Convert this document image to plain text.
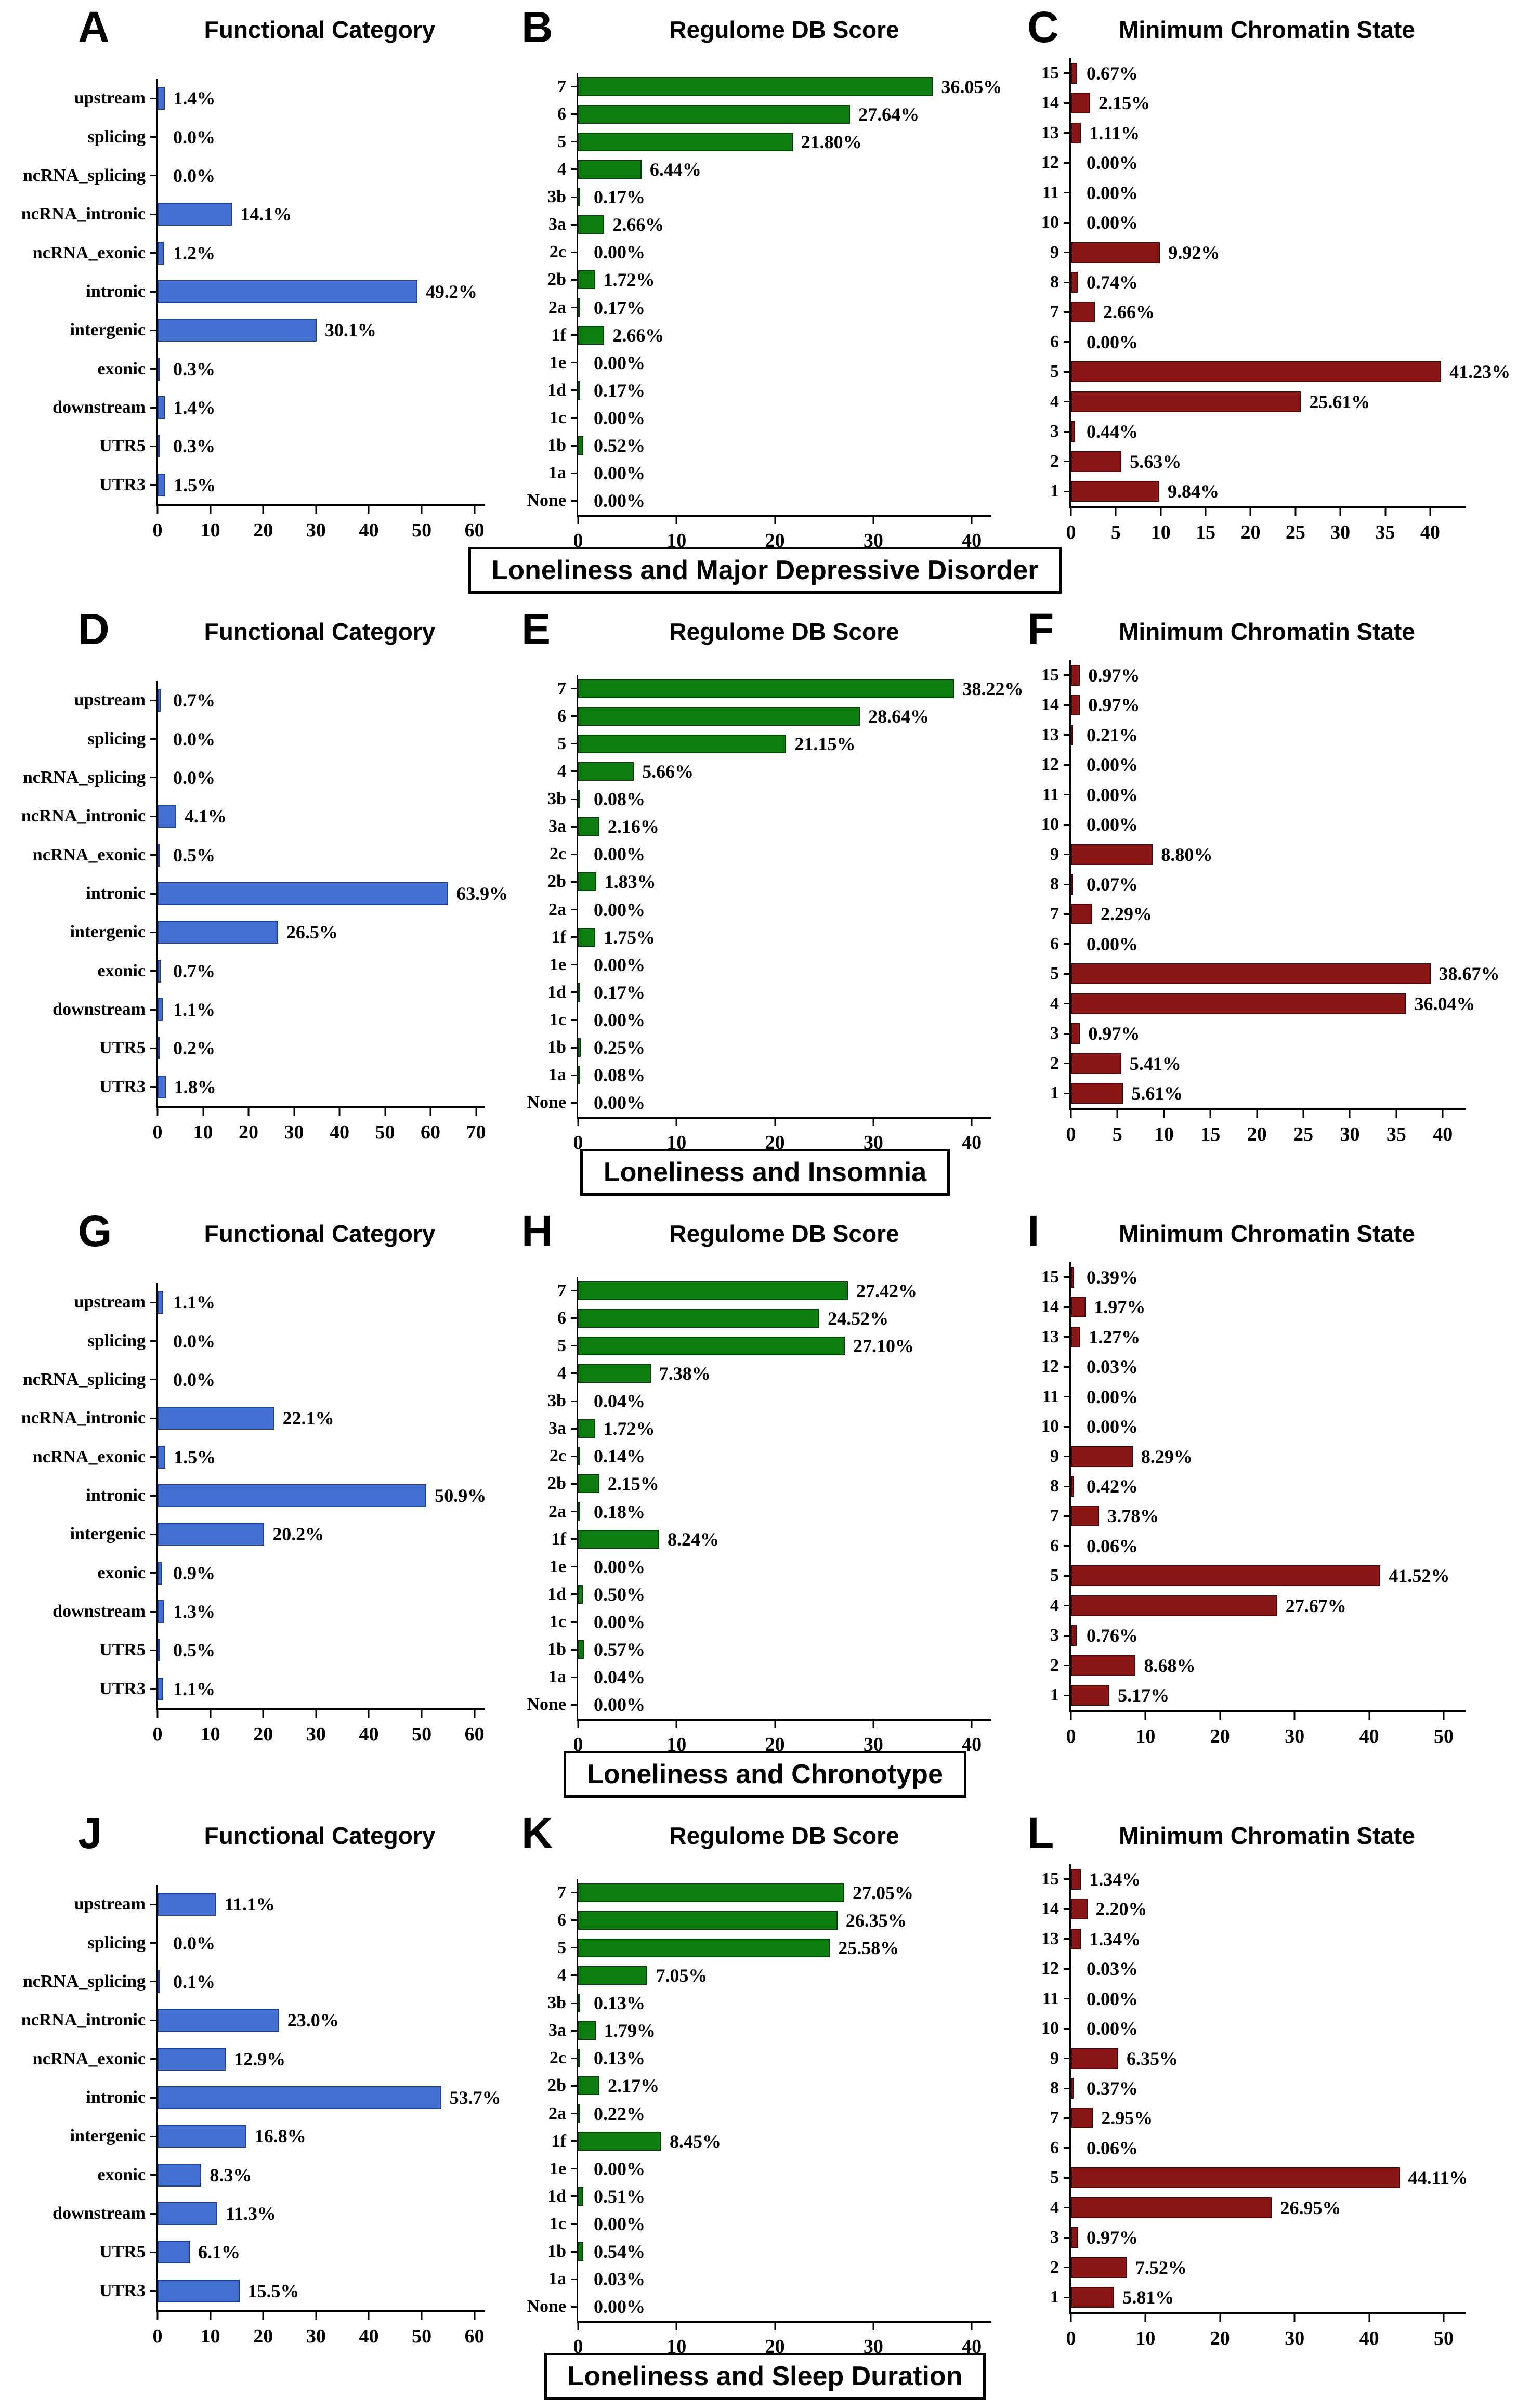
A	Functional Category
1.4%
0.0%
0.0%
14.1%
1.2%
49.2%
30.1%
0.3%
1.4%
0.3%
1.5%
0 10 20 30 40 50 60
upstream
splicing
ncRNA_splicing
ncRNA_intronic
ncRNA_exonic
intronic
intergenic
exonic
downstream
UTR5
UTR3
B	Regulome DB Score
36.05%
27.64%
21.80%
6.44%
0.17%
2.66%
0.00%
1.72%
0.17%
2.66%
0.00%
0.17%
0.00%
0.52%
0.00%
0.00%
0	10	20	30	40
7
6
5
4
3b
3a
2c
2b
2a
1f
1e
1d
1c
1b
1a
None
C	Minimum Chromatin State
0.67%
2.15%
1.11%
0.00%
0.00%
0.00%
9.92%
0.74%
2.66%
0.00%
41.23%
25.61%
0.44%
5.63%
9.84%
0 5 10 15 20 25 30 35 40
15
14
13
12
11
10
9
8
7
6
5
4
3
2
1
Loneliness and Major Depressive Disorder
D	Functional Category
0.7%
0.0%
0.0%
4.1%
0.5%
63.9%
26.5%
0.7%
1.1%
0.2%
1.8%
0 10 20 30 40 50 60 70
upstream
splicing
ncRNA_splicing
ncRNA_intronic
ncRNA_exonic
intronic
intergenic
exonic
downstream
UTR5
UTR3
E	Regulome DB Score
38.22%
28.64%
21.15%
5.66%
0.08%
2.16%
0.00%
1.83%
0.00%
1.75%
0.00%
0.17%
0.00%
0.25%
0.08%
0.00%
0	10	20	30	40
7
6
5
4
3b
3a
2c
2b
2a
1f
1e
1d
1c
1b
1a
None
F	Minimum Chromatin State
0.97%
0.97%
0.21%
0.00%
0.00%
0.00%
8.80%
0.07%
2.29%
0.00%
38.67%
36.04%
0.97%
5.41%
5.61%
0 5 10 15 20 25 30 35 40
15
14
13
12
11
10
9
8
7
6
5
4
3
2
1
Loneliness and Insomnia
G	Functional Category
1.1%
0.0%
0.0%
22.1%
1.5%
50.9%
20.2%
0.9%
1.3%
0.5%
1.1%
0 10 20 30 40 50 60
upstream
splicing
ncRNA_splicing
ncRNA_intronic
ncRNA_exonic
intronic
intergenic
exonic
downstream
UTR5
UTR3
H	Regulome DB Score
27.42%
24.52%
27.10%
7.38%
0.04%
1.72%
0.14%
2.15%
0.18%
8.24%
0.00%
0.50%
0.00%
0.57%
0.04%
0.00%
0	10	20	30	40
7
6
5
4
3b
3a
2c
2b
2a
1f
1e
1d
1c
1b
1a
None
I	Minimum Chromatin State
0.39%
1.97%
1.27%
0.03%
0.00%
0.00%
8.29%
0.42%
3.78%
0.06%
41.52%
27.67%
0.76%
8.68%
5.17%
0	10	20	30	40	50
15
14
13
12
11
10
9
8
7
6
5
4
3
2
1
Loneliness and Chronotype
J	Functional Category
11.1%
0.0%
0.1%
23.0%
12.9%
53.7%
16.8%
8.3%
11.3%
6.1%
15.5%
0 10 20 30 40 50 60
upstream
splicing
ncRNA_splicing
ncRNA_intronic
ncRNA_exonic
intronic
intergenic
exonic
downstream
UTR5
UTR3
K	Regulome DB Score
27.05%
26.35%
25.58%
7.05%
0.13%
1.79%
0.13%
2.17%
0.22%
8.45%
0.00%
0.51%
0.00%
0.54%
0.03%
0.00%
0	10	20	30	40
7
6
5
4
3b
3a
2c
2b
2a
1f
1e
1d
1c
1b
1a
None
L	Minimum Chromatin State
1.34%
2.20%
1.34%
0.03%
0.00%
0.00%
6.35%
0.37%
2.95%
0.06%
44.11%
26.95%
0.97%
7.52%
5.81%
0	10	20	30	40	50
15
14
13
12
11
10
9
8
7
6
5
4
3
2
1
Loneliness and Sleep Duration
